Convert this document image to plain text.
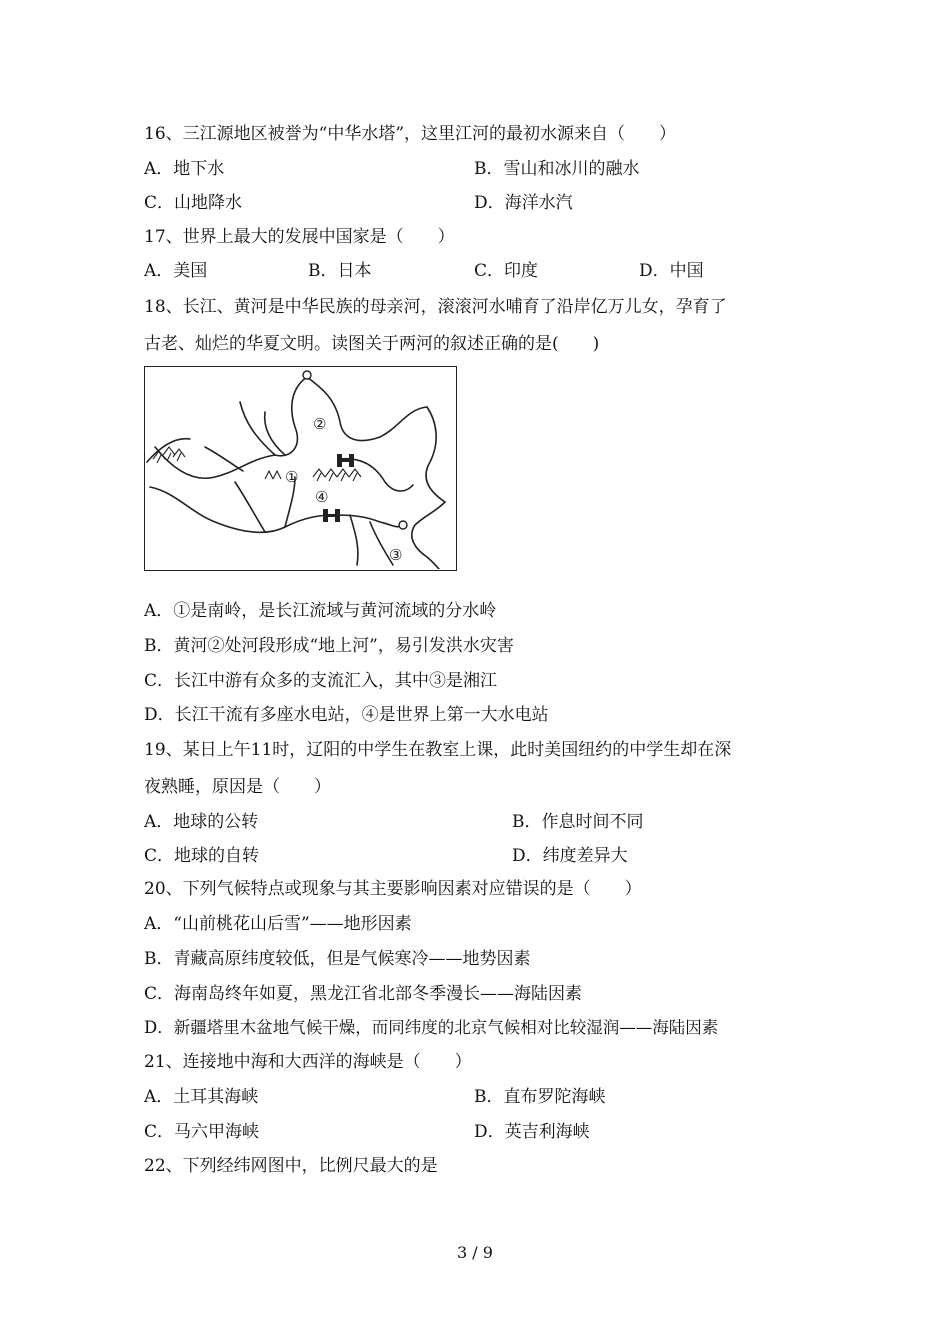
16、三江源地区被誉为“中华水塔”，这里江河的最初水源来自（　　）
A．地下水	B．雪山和冰川的融水
C．山地降水	D．海洋水汽
17、世界上最大的发展中国家是（　　）
A．美国	B．日本	C．印度	D．中国
18、长江、黄河是中华民族的母亲河，滚滚河水哺育了沿岸亿万儿女，孕育了
古老、灿烂的华夏文明。读图关于两河的叙述正确的是(　　)
②
①
④
③
A．①是南岭，是长江流域与黄河流域的分水岭
B．黄河②处河段形成“地上河”，易引发洪水灾害
C．长江中游有众多的支流汇入，其中③是湘江
D．长江干流有多座水电站，④是世界上第一大水电站
19、某日上午11时，辽阳的中学生在教室上课，此时美国纽约的中学生却在深
夜熟睡，原因是（　　）
A．地球的公转	B．作息时间不同
C．地球的自转	D．纬度差异大
20、下列气候特点或现象与其主要影响因素对应错误的是（　　）
A．“山前桃花山后雪”——地形因素
B．青藏高原纬度较低，但是气候寒冷——地势因素
C．海南岛终年如夏，黑龙江省北部冬季漫长——海陆因素
D．新疆塔里木盆地气候干燥，而同纬度的北京气候相对比较湿润——海陆因素
21、连接地中海和大西洋的海峡是（　　）
A．土耳其海峡	B．直布罗陀海峡
C．马六甲海峡	D．英吉利海峡
22、下列经纬网图中，比例尺最大的是
3 / 9
